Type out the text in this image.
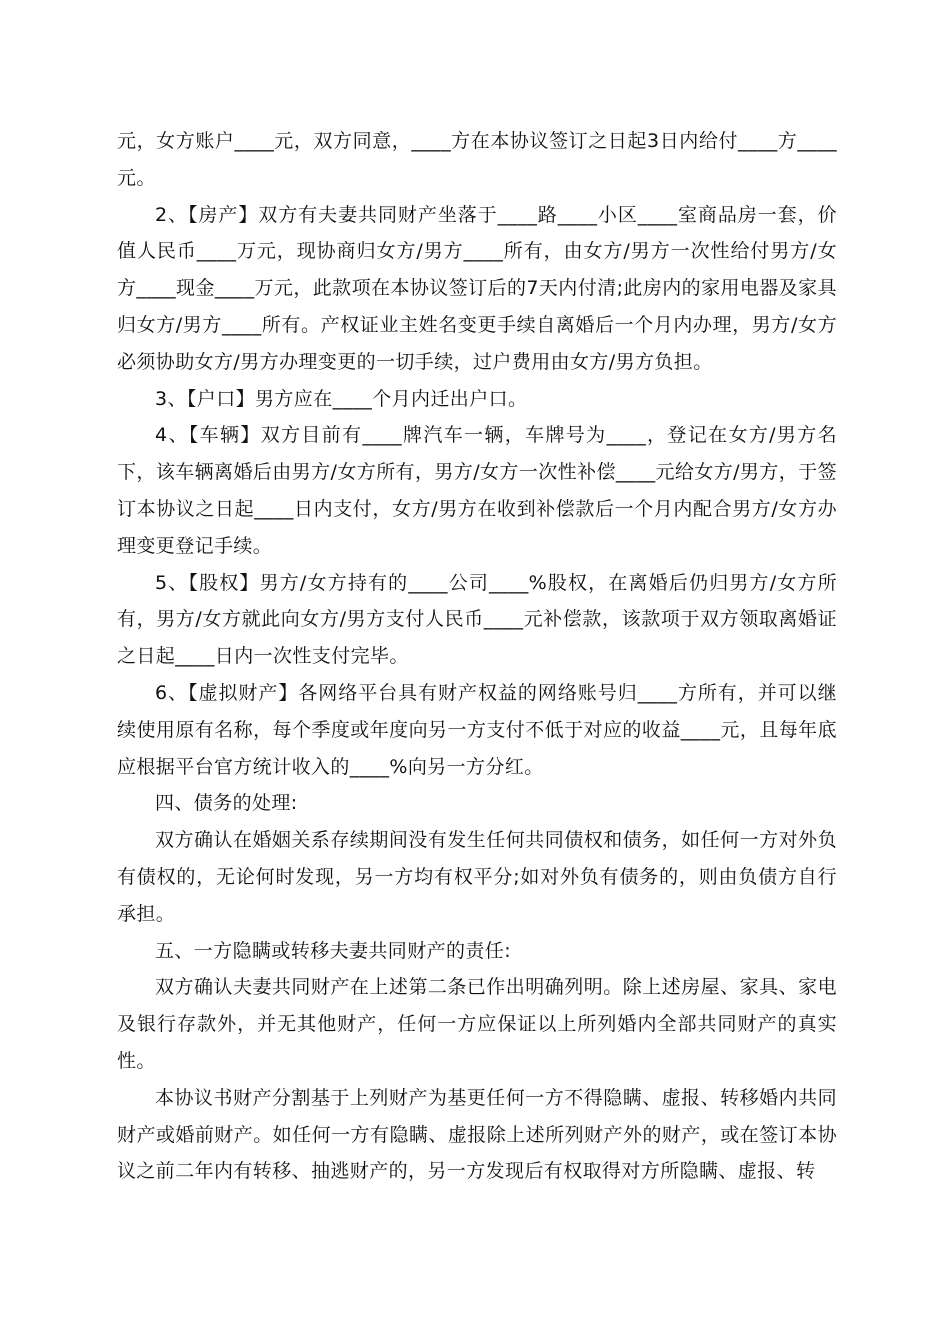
元，女方账户____元，双方同意，____方在本协议签订之日起3日内给付____方____元。

2、【房产】双方有夫妻共同财产坐落于____路____小区____室商品房一套，价值人民币____万元，现协商归女方/男方____所有，由女方/男方一次性给付男方/女方____现金____万元，此款项在本协议签订后的7天内付清;此房内的家用电器及家具归女方/男方____所有。产权证业主姓名变更手续自离婚后一个月内办理，男方/女方必须协助女方/男方办理变更的一切手续，过户费用由女方/男方负担。

3、【户口】男方应在____个月内迁出户口。

4、【车辆】双方目前有____牌汽车一辆，车牌号为____，登记在女方/男方名下，该车辆离婚后由男方/女方所有，男方/女方一次性补偿____元给女方/男方，于签订本协议之日起____日内支付，女方/男方在收到补偿款后一个月内配合男方/女方办理变更登记手续。

5、【股权】男方/女方持有的____公司____%股权，在离婚后仍归男方/女方所有，男方/女方就此向女方/男方支付人民币____元补偿款，该款项于双方领取离婚证之日起____日内一次性支付完毕。

6、【虚拟财产】各网络平台具有财产权益的网络账号归____方所有，并可以继续使用原有名称，每个季度或年度向另一方支付不低于对应的收益____元，且每年底应根据平台官方统计收入的____%向另一方分红。

四、债务的处理:

双方确认在婚姻关系存续期间没有发生任何共同债权和债务，如任何一方对外负有债权的，无论何时发现，另一方均有权平分;如对外负有债务的，则由负债方自行承担。

五、一方隐瞒或转移夫妻共同财产的责任:

双方确认夫妻共同财产在上述第二条已作出明确列明。除上述房屋、家具、家电及银行存款外，并无其他财产，任何一方应保证以上所列婚内全部共同财产的真实性。

本协议书财产分割基于上列财产为基更任何一方不得隐瞒、虚报、转移婚内共同财产或婚前财产。如任何一方有隐瞒、虚报除上述所列财产外的财产，或在签订本协议之前二年内有转移、抽逃财产的，另一方发现后有权取得对方所隐瞒、虚报、转
